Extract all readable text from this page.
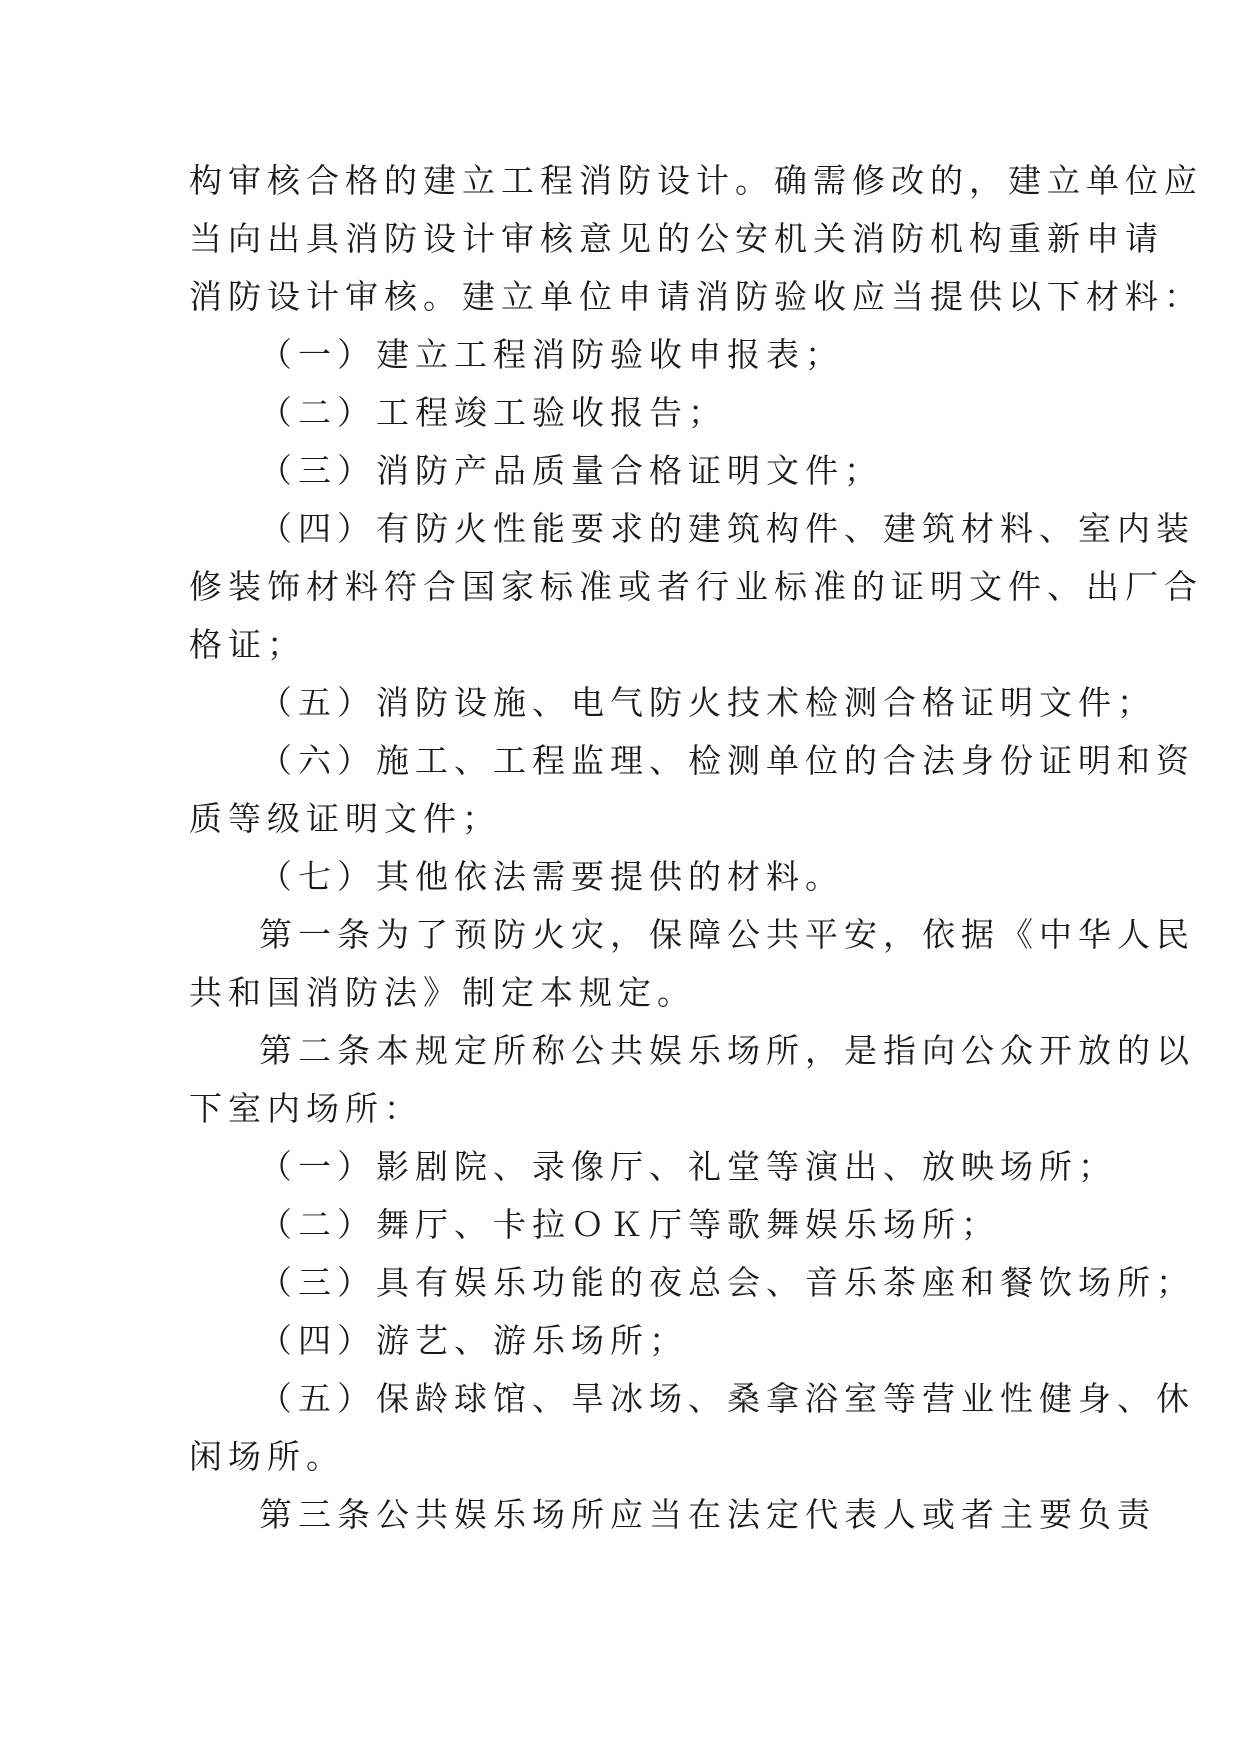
构审核合格的建立工程消防设计。确需修改的，建立单位应
当向出具消防设计审核意见的公安机关消防机构重新申请
消防设计审核。建立单位申请消防验收应当提供以下材料：
（一）建立工程消防验收申报表；
（二）工程竣工验收报告；
（三）消防产品质量合格证明文件；
（四）有防火性能要求的建筑构件、建筑材料、室内装
修装饰材料符合国家标准或者行业标准的证明文件、出厂合
格证；
（五）消防设施、电气防火技术检测合格证明文件；
（六）施工、工程监理、检测单位的合法身份证明和资
质等级证明文件；
（七）其他依法需要提供的材料。
第一条为了预防火灾，保障公共平安，依据《中华人民
共和国消防法》制定本规定。
第二条本规定所称公共娱乐场所，是指向公众开放的以
下室内场所：
（一）影剧院、录像厅、礼堂等演出、放映场所；
（二）舞厅、卡拉ＯＫ厅等歌舞娱乐场所；
（三）具有娱乐功能的夜总会、音乐茶座和餐饮场所；
（四）游艺、游乐场所；
（五）保龄球馆、旱冰场、桑拿浴室等营业性健身、休
闲场所。
第三条公共娱乐场所应当在法定代表人或者主要负责
